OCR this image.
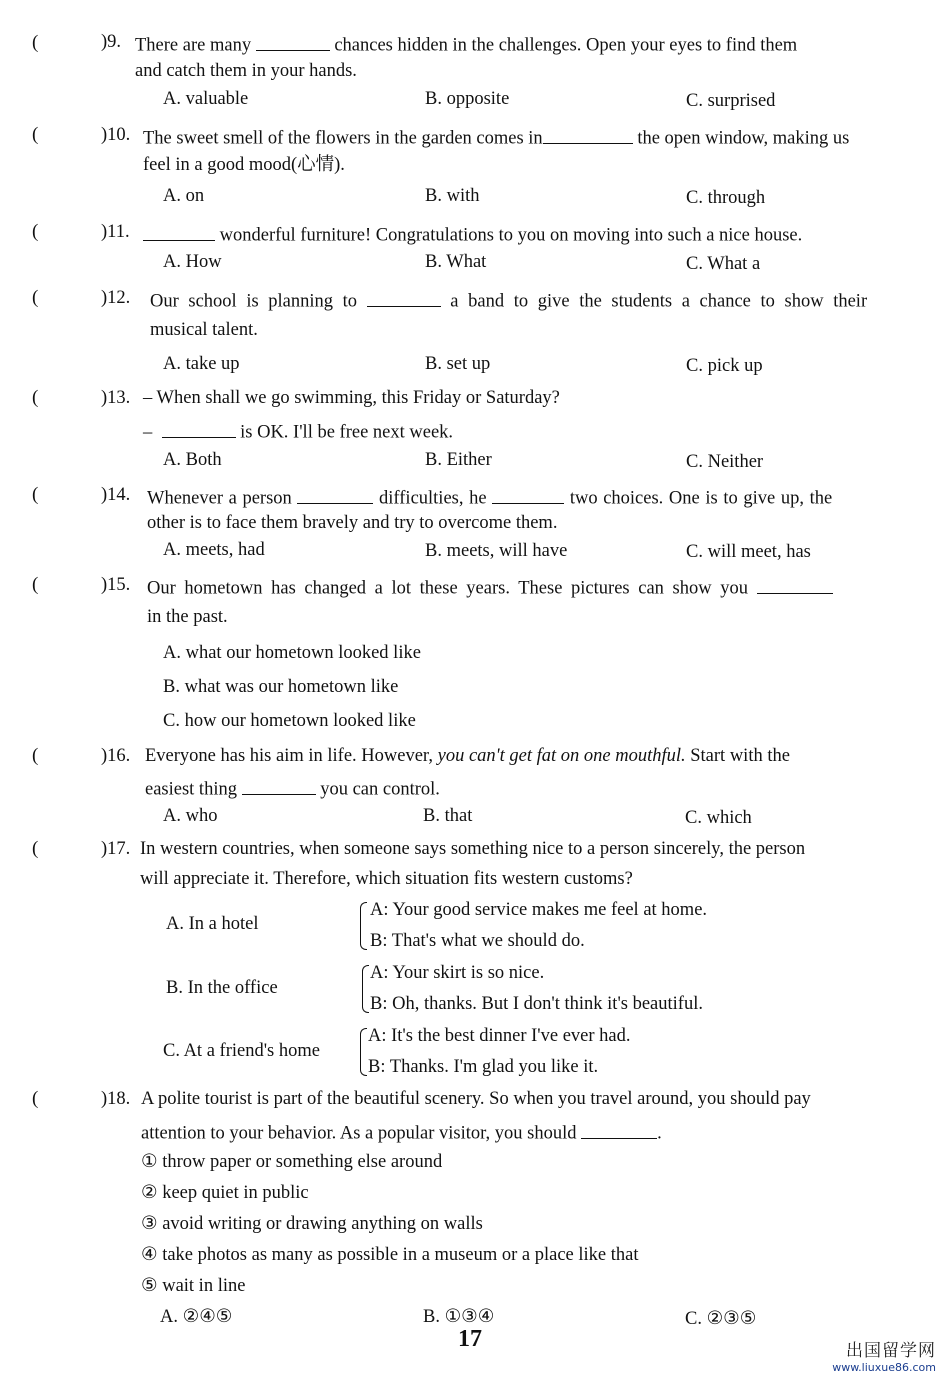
(	)9. There are many	chances hidden in the challenges. Open your eyes to find them
and catch them in your hands.
A. valuable	B. opposite	C. surprised
(	)10. The sweet smell of the flowers in the garden comes in	the open window, making us
feel in a good mood(心情).
A. on	B. with	C. through
(	)11.	wonderful furniture! Congratulations to you on moving into such a nice house.
A. How	B. What	C. What a
(	)12. Our school is planning to	a band to give the students a chance to show their
musical talent.
A. take up	B. set up	C. pick up
(	)13. – When shall we go swimming, this Friday or Saturday?
–	is OK. I'll be free next week.
A. Both	B. Either	C. Neither
(	)14. Whenever a person	difficulties, he	two choices. One is to give up, the
other is to face them bravely and try to overcome them.
A. meets, had	B. meets, will have	C. will meet, has
(	)15. Our hometown has changed a lot these years. These pictures can show you
in the past.
A. what our hometown looked like
B. what was our hometown like
C. how our hometown looked like
(	)16. Everyone has his aim in life. However, you can't get fat on one mouthful. Start with the
easiest thing	you can control.
A. who	B. that	C. which
(	)17. In western countries, when someone says something nice to a person sincerely, the person
will appreciate it. Therefore, which situation fits western customs?
A. In a hotel
A: Your good service makes me feel at home.
B: That's what we should do.
B. In the office
A: Your skirt is so nice.
B: Oh, thanks. But I don't think it's beautiful.
C. At a friend's home
A: It's the best dinner I've ever had.
B: Thanks. I'm glad you like it.
(	)18. A polite tourist is part of the beautiful scenery. So when you travel around, you should pay
attention to your behavior. As a popular visitor, you should	.
① throw paper or something else around
② keep quiet in public
③ avoid writing or drawing anything on walls
④ take photos as many as possible in a museum or a place like that
⑤ wait in line
A. ②④⑤	B. ①③④	C. ②③⑤
17	出国留学网
www.liuxue86.com
